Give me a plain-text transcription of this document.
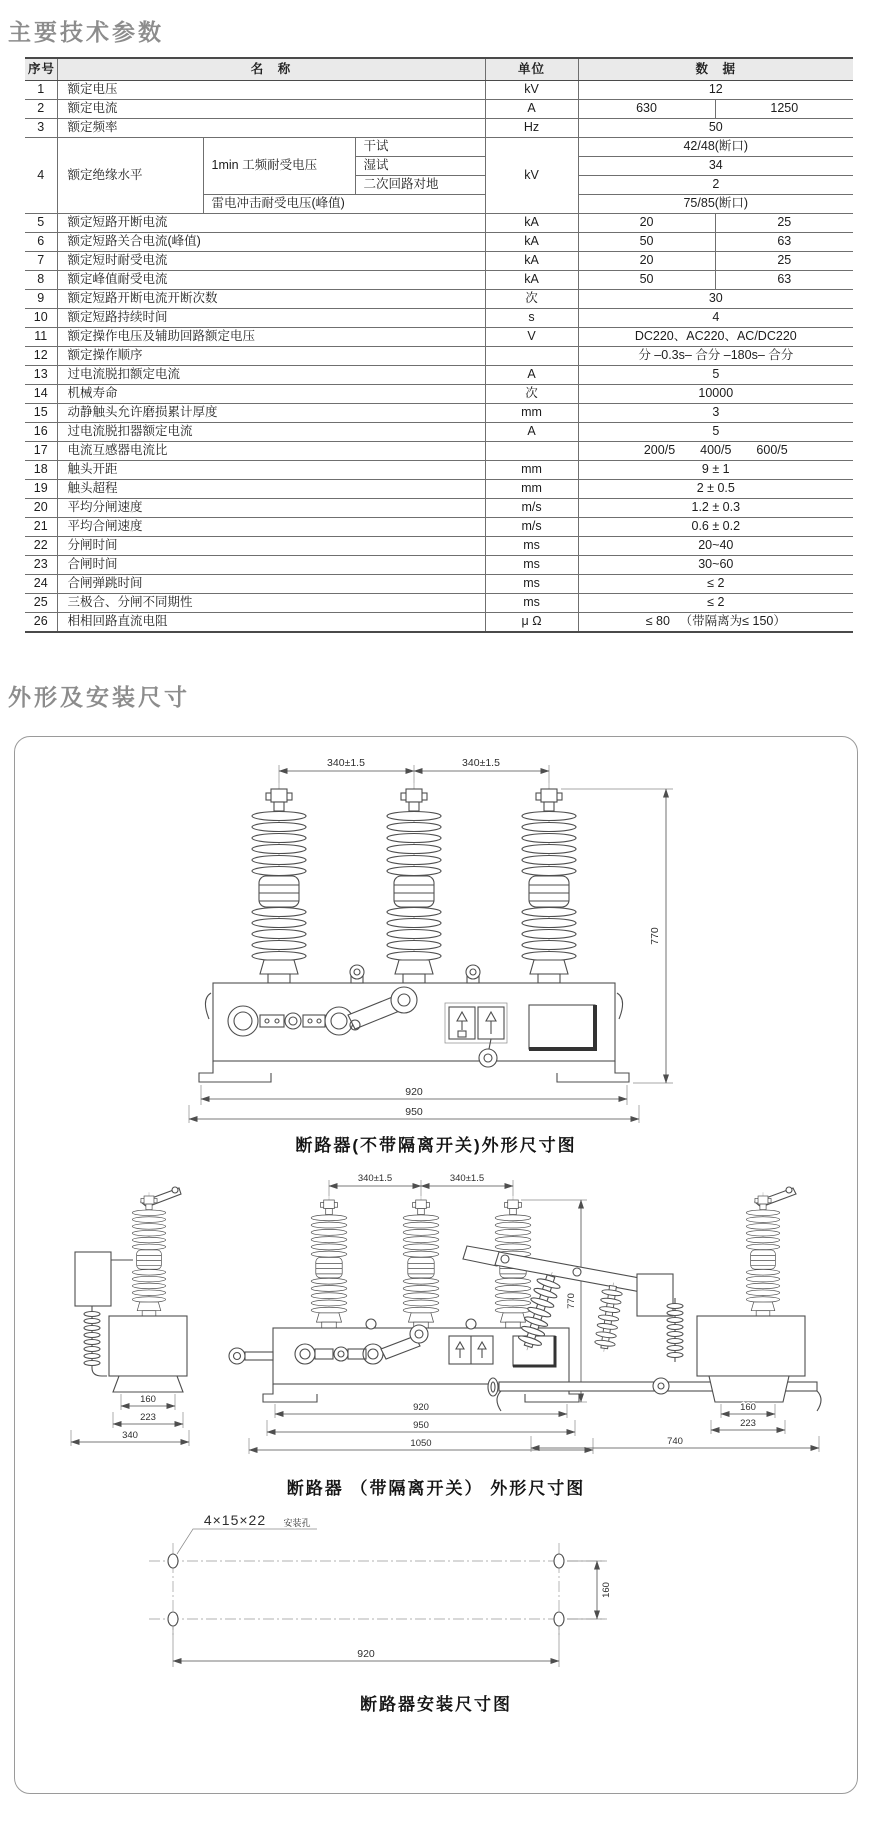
主要技术参数
序号	名　称			单位	数　据	
1	额定电压			kV	12	
2	额定电流			A	630	1250
3	额定频率			Hz	50	
4	额定绝缘水平	1min 工频耐受电压	干试	kV	42/48(断口)	
			湿试		34	
			二次回路对地		2	
		雷电冲击耐受电压(峰值)			75/85(断口)	
5	额定短路开断电流			kA	20	25
6	额定短路关合电流(峰值)			kA	50	63
7	额定短时耐受电流			kA	20	25
8	额定峰值耐受电流			kA	50	63
9	额定短路开断电流开断次数			次	30	
10	额定短路持续时间			s	4	
11	额定操作电压及辅助回路额定电压			V	DC220、AC220、AC/DC220	
12	额定操作顺序				分 –0.3s– 合分 –180s– 合分	
13	过电流脱扣额定电流			A	5	
14	机械寿命			次	10000	
15	动静触头允许磨损累计厚度			mm	3	
16	过电流脱扣器额定电流			A	5	
17	电流互感器电流比				200/5　　400/5　　600/5	
18	触头开距			mm	9 ± 1	
19	触头超程			mm	2 ± 0.5	
20	平均分闸速度			m/s	1.2 ± 0.3	
21	平均合闸速度			m/s	0.6 ± 0.2	
22	分闸时间			ms	20~40	
23	合闸时间			ms	30~60	
24	合闸弹跳时间			ms	≤ 2	
25	三极合、分闸不同期性			ms	≤ 2	
26	相相回路直流电阻			μ Ω	≤ 80 　（带隔离为≤ 150）	
外形及安装尺寸
340±1.5	340±1.5
770
920
950
断路器(不带隔离开关)外形尺寸图
160
223
340
340±1.5	340±1.5
770
920
950
1050
160
223
740
断路器 （带隔离开关） 外形尺寸图
4×15×22 安装孔
920
160
断路器安装尺寸图
